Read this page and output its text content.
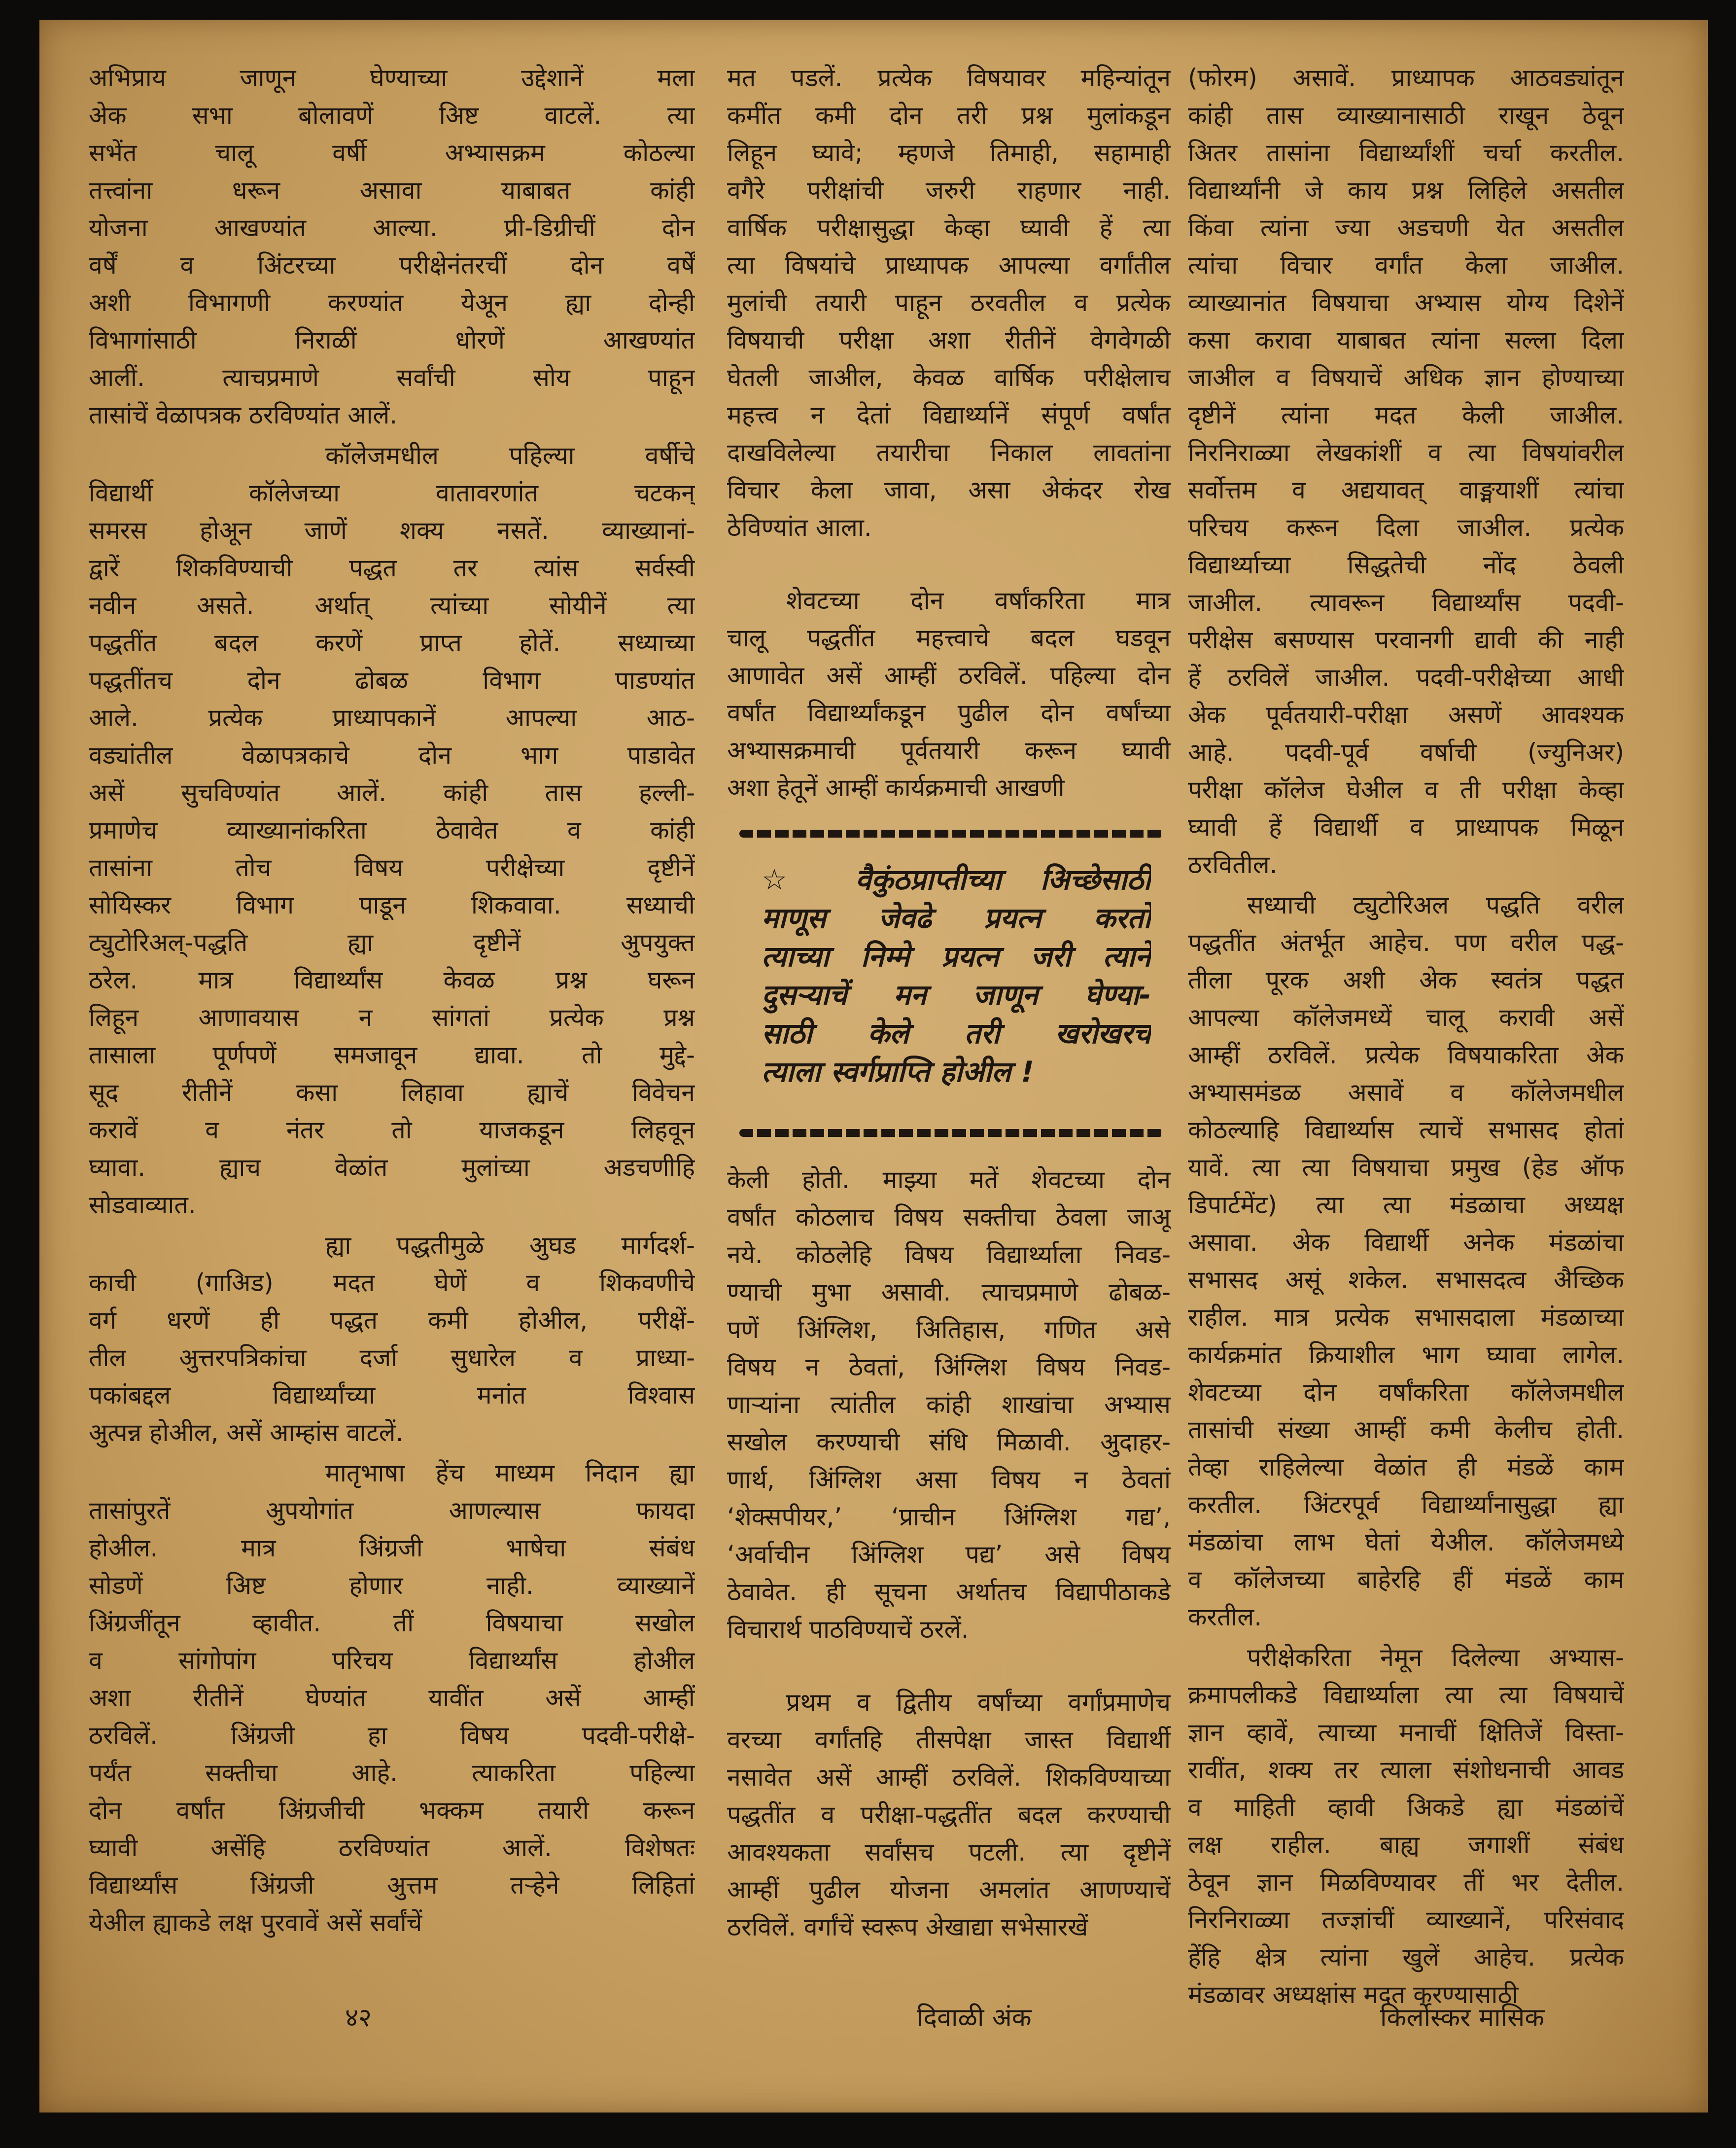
अभिप्राय जाणून घेण्याच्या उद्देशानें मला
अेक सभा बोलावणें अिष्ट वाटलें. त्या
सभेंत चालू वर्षी अभ्यासक्रम कोठल्या
तत्त्वांना धरून असावा याबाबत कांही
योजना आखण्यांत आल्या. प्री-डिग्रीचीं दोन
वर्षें व अिंटरच्या परीक्षेनंतरचीं दोन वर्षें
अशी विभागणी करण्यांत येअून ह्या दोन्ही
विभागांसाठी निराळीं धोरणें आखण्यांत
आलीं. त्याचप्रमाणे सर्वांची सोय पाहून
तासांचें वेळापत्रक ठरविण्यांत आलें.
कॉलेजमधील पहिल्या वर्षीचे
विद्यार्थी कॉलेजच्या वातावरणांत चटकन्
समरस होअून जाणें शक्य नसतें. व्याख्यानां-
द्वारें शिकविण्याची पद्धत तर त्यांस सर्वस्वी
नवीन असते. अर्थात् त्यांच्या सोयीनें त्या
पद्धतींत बदल करणें प्राप्त होतें. सध्याच्या
पद्धतींतच दोन ढोबळ विभाग पाडण्यांत
आले. प्रत्येक प्राध्यापकानें आपल्या आठ-
वड्यांतील वेळापत्रकाचे दोन भाग पाडावेत
असें सुचविण्यांत आलें. कांही तास हल्ली-
प्रमाणेच व्याख्यानांकरिता ठेवावेत व कांही
तासांना तोच विषय परीक्षेच्या दृष्टीनें
सोयिस्कर विभाग पाडून शिकवावा. सध्याची
ट्युटोरिअल्-पद्धति ह्या दृष्टीनें अुपयुक्त
ठरेल. मात्र विद्यार्थ्यांस केवळ प्रश्न घरून
लिहून आणावयास न सांगतां प्रत्येक प्रश्न
तासाला पूर्णपणें समजावून द्यावा. तो मुद्दे-
सूद रीतीनें कसा लिहावा ह्याचें विवेचन
करावें व नंतर तो याजकडून लिहवून
घ्यावा. ह्याच वेळांत मुलांच्या अडचणीहि
सोडवाव्यात.
ह्या पद्धतीमुळे अुघड मार्गदर्श-
काची (गाअिड) मदत घेणें व शिकवणीचे
वर्ग धरणें ही पद्धत कमी होअील, परीक्षें-
तील अुत्तरपत्रिकांचा दर्जा सुधारेल व प्राध्या-
पकांबद्दल विद्यार्थ्यांच्या मनांत विश्वास
अुत्पन्न होअील, असें आम्हांस वाटलें.
मातृभाषा हेंच माध्यम निदान ह्या
तासांपुरतें अुपयोगांत आणल्यास फायदा
होअील. मात्र अिंग्रजी भाषेचा संबंध
सोडणें अिष्ट होणार नाही. व्याख्यानें
अिंग्रजींतून व्हावीत. तीं विषयाचा सखोल
व सांगोपांग परिचय विद्यार्थ्यांस होअील
अशा रीतीनें घेण्यांत यावींत असें आम्हीं
ठरविलें. अिंग्रजी हा विषय पदवी-परीक्षे-
पर्यंत सक्तीचा आहे. त्याकरिता पहिल्या
दोन वर्षांत अिंग्रजीची भक्कम तयारी करून
घ्यावी असेंहि ठरविण्यांत आलें. विशेषतः
विद्यार्थ्यांस अिंग्रजी अुत्तम तऱ्हेने लिहितां
येअील ह्याकडे लक्ष पुरवावें असें सर्वांचें
मत पडलें. प्रत्येक विषयावर महिन्यांतून
कमींत कमी दोन तरी प्रश्न मुलांकडून
लिहून घ्यावे; म्हणजे तिमाही, सहामाही
वगैरे परीक्षांची जरुरी राहणार नाही.
वार्षिक परीक्षासुद्धा केव्हा घ्यावी हें त्या
त्या विषयांचे प्राध्यापक आपल्या वर्गांतील
मुलांची तयारी पाहून ठरवतील व प्रत्येक
विषयाची परीक्षा अशा रीतीनें वेगवेगळी
घेतली जाअील, केवळ वार्षिक परीक्षेलाच
महत्त्व न देतां विद्यार्थ्यानें संपूर्ण वर्षांत
दाखविलेल्या तयारीचा निकाल लावतांना
विचार केला जावा, असा अेकंदर रोख
ठेविण्यांत आला.
शेवटच्या दोन वर्षांकरिता मात्र
चालू पद्धतींत महत्त्वाचे बदल घडवून
आणावेत असें आम्हीं ठरविलें. पहिल्या दोन
वर्षांत विद्यार्थ्यांकडून पुढील दोन वर्षांच्या
अभ्यासक्रमाची पूर्वतयारी करून घ्यावी
अशा हेतूनें आम्हीं कार्यक्रमाची आखणी
केली होती. माझ्या मतें शेवटच्या दोन
वर्षांत कोठलाच विषय सक्तीचा ठेवला जाअू
नये. कोठलेहि विषय विद्यार्थ्याला निवड-
ण्याची मुभा असावी. त्याचप्रमाणे ढोबळ-
पणें अिंग्लिश, अितिहास, गणित असे
विषय न ठेवतां, अिंग्लिश विषय निवड-
णाऱ्यांना त्यांतील कांही शाखांचा अभ्यास
सखोल करण्याची संधि मिळावी. अुदाहर-
णार्थ, अिंग्लिश असा विषय न ठेवतां
‘शेक्सपीयर,’ ‘प्राचीन अिंग्लिश गद्य’,
‘अर्वाचीन अिंग्लिश पद्य’ असे विषय
ठेवावेत. ही सूचना अर्थातच विद्यापीठाकडे
विचारार्थ पाठविण्याचें ठरलें.
प्रथम व द्वितीय वर्षांच्या वर्गांप्रमाणेच
वरच्या वर्गांतहि तीसपेक्षा जास्त विद्यार्थी
नसावेत असें आम्हीं ठरविलें. शिकविण्याच्या
पद्धतींत व परीक्षा-पद्धतींत बदल करण्याची
आवश्यकता सर्वांसच पटली. त्या दृष्टीनें
आम्हीं पुढील योजना अमलांत आणण्याचें
ठरविलें. वर्गांचें स्वरूप अेखाद्या सभेसारखें
(फोरम) असावें. प्राध्यापक आठवड्यांतून
कांही तास व्याख्यानासाठी राखून ठेवून
अितर तासांना विद्यार्थ्यांशीं चर्चा करतील.
विद्यार्थ्यांनी जे काय प्रश्न लिहिले असतील
किंवा त्यांना ज्या अडचणी येत असतील
त्यांचा विचार वर्गांत केला जाअील.
व्याख्यानांत विषयाचा अभ्यास योग्य दिशेनें
कसा करावा याबाबत त्यांना सल्ला दिला
जाअील व विषयाचें अधिक ज्ञान होण्याच्या
दृष्टीनें त्यांना मदत केली जाअील.
निरनिराळ्या लेखकांशीं व त्या विषयांवरील
सर्वोत्तम व अद्ययावत् वाङ्मयाशीं त्यांचा
परिचय करून दिला जाअील. प्रत्येक
विद्यार्थ्याच्या सिद्धतेची नोंद ठेवली
जाअील. त्यावरून विद्यार्थ्यांस पदवी-
परीक्षेस बसण्यास परवानगी द्यावी की नाही
हें ठरविलें जाअील. पदवी-परीक्षेच्या आधी
अेक पूर्वतयारी-परीक्षा असणें आवश्यक
आहे. पदवी-पूर्व वर्षाची (ज्युनिअर)
परीक्षा कॉलेज घेअील व ती परीक्षा केव्हा
घ्यावी हें विद्यार्थी व प्राध्यापक मिळून
ठरवितील.
सध्याची ट्युटोरिअल पद्धति वरील
पद्धतींत अंतर्भूत आहेच. पण वरील पद्ध-
तीला पूरक अशी अेक स्वतंत्र पद्धत
आपल्या कॉलेजमध्यें चालू करावी असें
आम्हीं ठरविलें. प्रत्येक विषयाकरिता अेक
अभ्यासमंडळ असावें व कॉलेजमधील
कोठल्याहि विद्यार्थ्यास त्याचें सभासद होतां
यावें. त्या त्या विषयाचा प्रमुख (हेड ऑफ
डिपार्टमेंट) त्या त्या मंडळाचा अध्यक्ष
असावा. अेक विद्यार्थी अनेक मंडळांचा
सभासद असूं शकेल. सभासदत्व अैच्छिक
राहील. मात्र प्रत्येक सभासदाला मंडळाच्या
कार्यक्रमांत क्रियाशील भाग घ्यावा लागेल.
शेवटच्या दोन वर्षांकरिता कॉलेजमधील
तासांची संख्या आम्हीं कमी केलीच होती.
तेव्हा राहिलेल्या वेळांत ही मंडळें काम
करतील. अिंटरपूर्व विद्यार्थ्यांनासुद्धा ह्या
मंडळांचा लाभ घेतां येअील. कॉलेजमध्ये
व कॉलेजच्या बाहेरहि हीं मंडळें काम
करतील.
परीक्षेकरिता नेमून दिलेल्या अभ्यास-
क्रमापलीकडे विद्यार्थ्याला त्या त्या विषयाचें
ज्ञान व्हावें, त्याच्या मनाचीं क्षितिजें विस्ता-
रावींत, शक्य तर त्याला संशोधनाची आवड
व माहिती व्हावी अिकडे ह्या मंडळांचें
लक्ष राहील. बाह्य जगाशीं संबंध
ठेवून ज्ञान मिळविण्यावर तीं भर देतील.
निरनिराळ्या तज्ज्ञांचीं व्याख्यानें, परिसंवाद
हेंहि क्षेत्र त्यांना खुलें आहेच. प्रत्येक
मंडळावर अध्यक्षांस मदत करण्यासाठी
☆ वैकुंठप्राप्तीच्या अिच्छेसाठी
माणूस जेवढे प्रयत्न करतो
त्याच्या निम्मे प्रयत्न जरी त्याने
दुसऱ्याचें मन जाणून घेण्या-
साठी केले तरी खरोखरच
त्याला स्वर्गप्राप्ति होअील !
४२	दिवाळी अंक	किर्लोस्कर मासिक
